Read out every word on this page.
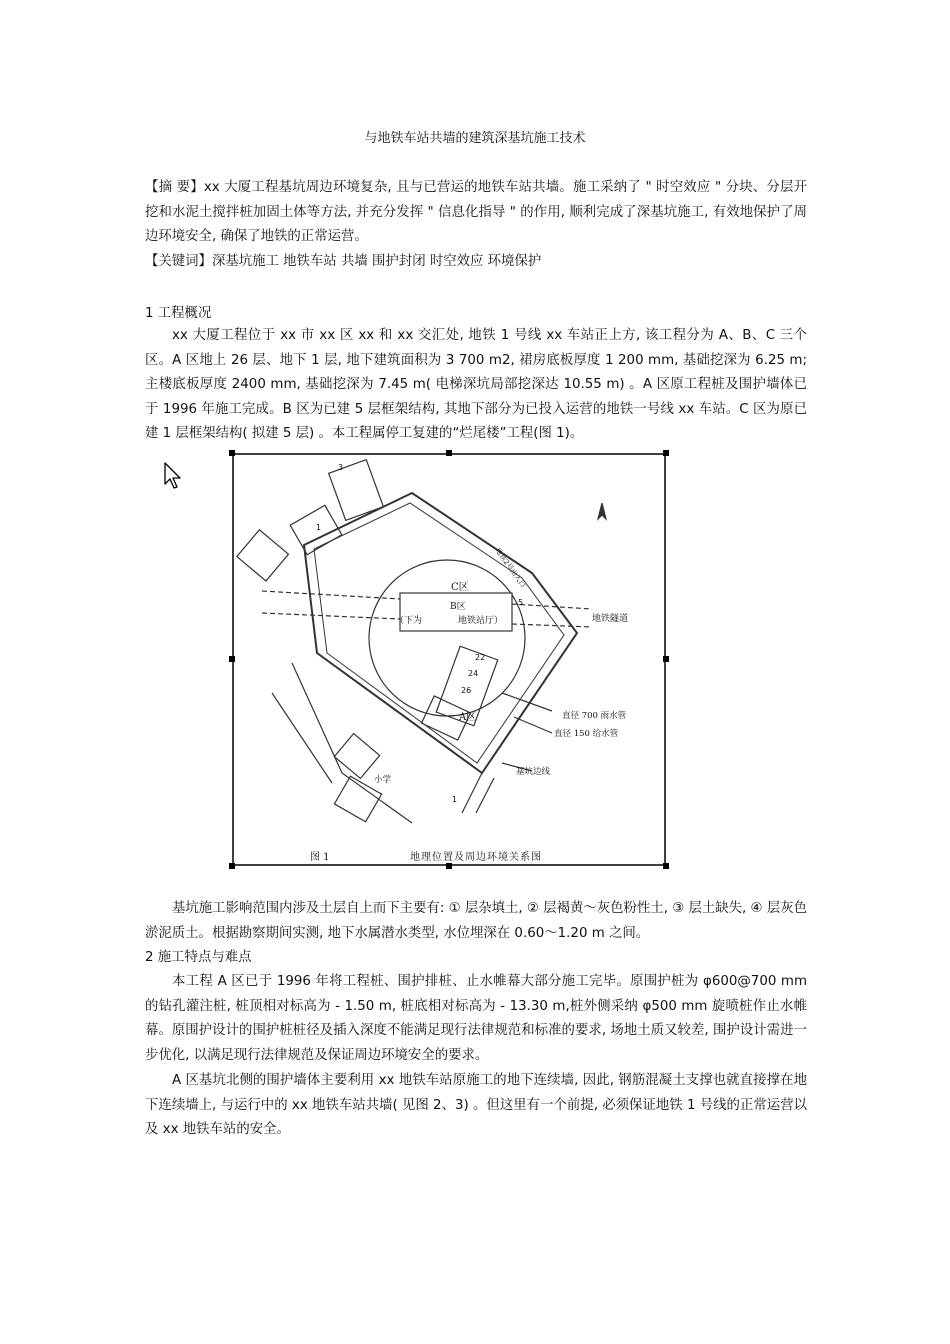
与地铁车站共墙的建筑深基坑施工技术

【摘 要】xx 大厦工程基坑周边环境复杂, 且与已营运的地铁车站共墙。施工采纳了 " 时空效应 " 分块、分层开挖和水泥土搅拌桩加固土体等方法, 并充分发挥 " 信息化指导 " 的作用, 顺利完成了深基坑施工, 有效地保护了周边环境安全, 确保了地铁的正常运营。

【关键词】深基坑施工 地铁车站 共墙 围护封闭 时空效应 环境保护

1 工程概况

xx 大厦工程位于 xx 市 xx 区 xx 和 xx 交汇处, 地铁 1 号线 xx 车站正上方, 该工程分为 A、B、C 三个区。A 区地上 26 层、地下 1 层, 地下建筑面积为 3 700 m2, 裙房底板厚度 1 200 mm, 基础挖深为 6.25 m; 主楼底板厚度 2400 mm, 基础挖深为 7.45 m( 电梯深坑局部挖深达 10.55 m) 。A 区原工程桩及围护墙体已于 1996 年施工完成。B 区为已建 5 层框架结构, 其地下部分为已投入运营的地铁一号线 xx 车站。C 区为原已建 1 层框架结构( 拟建 5 层) 。本工程属停工复建的“烂尾楼”工程(图 1)。

C区	地铁2号出入口
B区
（下为	地铁站厅）
A区
22
24
26
3
5
1
1
地铁隧道
直径 700 雨水管
直径 150 给水管
基坑边线
小学
图 1	地理位置及周边环境关系图

基坑施工影响范围内涉及土层自上而下主要有: ① 层杂填土, ② 层褐黄～灰色粉性土, ③ 层土缺失, ④ 层灰色淤泥质土。根据勘察期间实测, 地下水属潜水类型, 水位埋深在 0.60～1.20 m 之间。

2 施工特点与难点

本工程 A 区已于 1996 年将工程桩、围护排桩、止水帷幕大部分施工完毕。原围护桩为 φ600@700 mm 的钻孔灌注桩, 桩顶相对标高为 - 1.50 m, 桩底相对标高为 - 13.30 m,桩外侧采纳 φ500 mm 旋喷桩作止水帷幕。原围护设计的围护桩桩径及插入深度不能满足现行法律规范和标准的要求, 场地土质又较差, 围护设计需进一步优化, 以满足现行法律规范及保证周边环境安全的要求。

A 区基坑北侧的围护墙体主要利用 xx 地铁车站原施工的地下连续墙, 因此, 钢筋混凝土支撑也就直接撑在地下连续墙上, 与运行中的 xx 地铁车站共墙( 见图 2、3) 。但这里有一个前提, 必须保证地铁 1 号线的正常运营以及 xx 地铁车站的安全。
